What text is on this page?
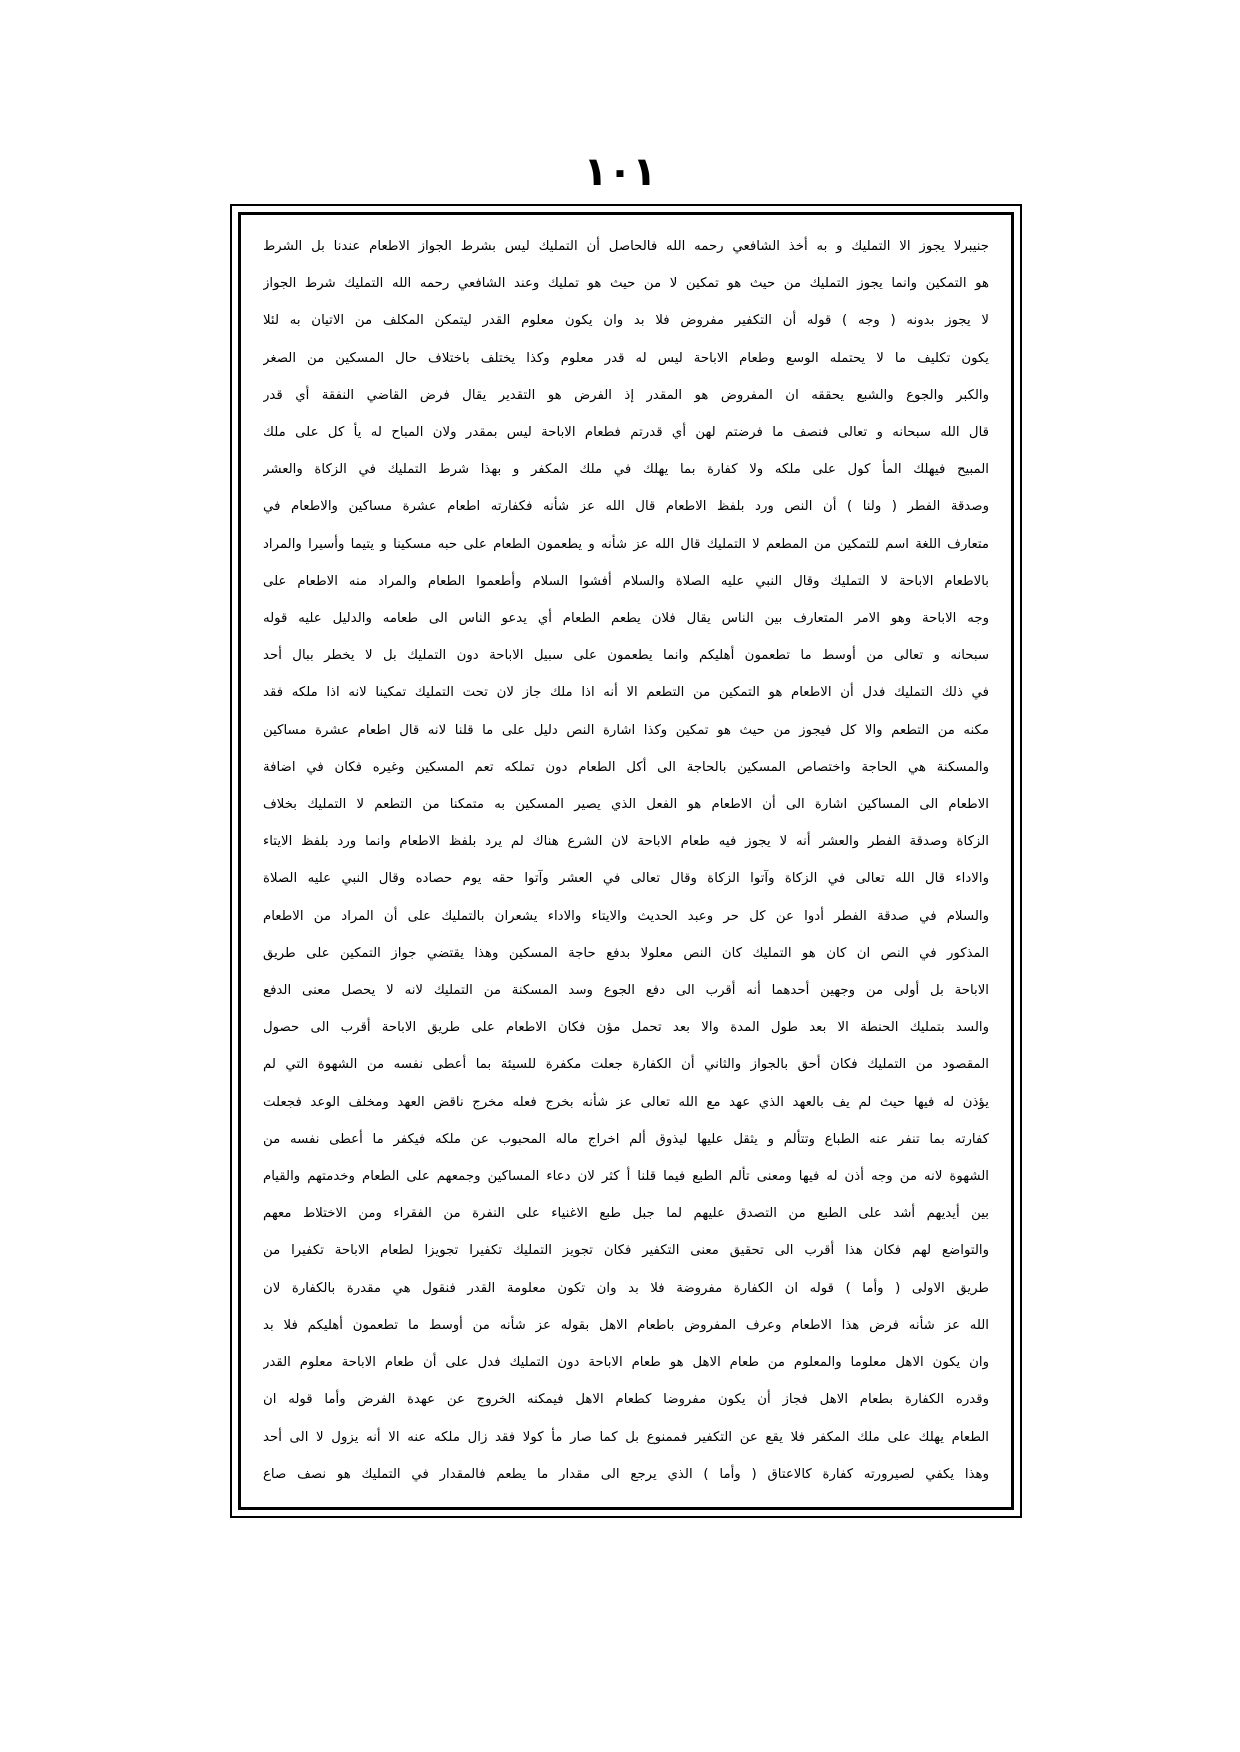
١٠١
جنيبرلا يجوز الا التمليك و به أخذ الشافعي رحمه الله فالحاصل أن التمليك ليس بشرط الجواز الاطعام عندنا بل الشرط
هو التمكين وانما يجوز التمليك من حيث هو تمكين لا من حيث هو تمليك وعند الشافعي رحمه الله التمليك شرط الجواز
لا يجوز بدونه ( وجه ) قوله أن التكفير مفروض فلا بد وان يكون معلوم القدر ليتمكن المكلف من الاتيان به لئلا
يكون تكليف ما لا يحتمله الوسع وطعام الاباحة ليس له قدر معلوم وكذا يختلف باختلاف حال المسكين من الصغر
والكبر والجوع والشبع يحققه ان المفروض هو المقدر إذ الفرض هو التقدير يقال فرض القاضي النفقة أي قدر
قال الله سبحانه و تعالى فنصف ما فرضتم لهن أي قدرتم فطعام الاباحة ليس بمقدر ولان المباح له يأ كل على ملك
المبيح فيهلك المأ كول على ملكه ولا كفارة بما يهلك في ملك المكفر و بهذا شرط التمليك في الزكاة والعشر
وصدقة الفطر ( ولنا ) أن النص ورد بلفظ الاطعام قال الله عز شأنه فكفارته اطعام عشرة مساكين والاطعام في
متعارف اللغة اسم للتمكين من المطعم لا التمليك قال الله عز شأنه و يطعمون الطعام على حبه مسكينا و يتيما وأسيرا والمراد
بالاطعام الاباحة لا التمليك وقال النبي عليه الصلاة والسلام أفشوا السلام وأطعموا الطعام والمراد منه الاطعام على
وجه الاباحة وهو الامر المتعارف بين الناس يقال فلان يطعم الطعام أي يدعو الناس الى طعامه والدليل عليه قوله
سبحانه و تعالى من أوسط ما تطعمون أهليكم وانما يطعمون على سبيل الاباحة دون التمليك بل لا يخطر ببال أحد
في ذلك التمليك فدل أن الاطعام هو التمكين من التطعم الا أنه اذا ملك جاز لان تحت التمليك تمكينا لانه اذا ملكه فقد
مكنه من التطعم والا كل فيجوز من حيث هو تمكين وكذا اشارة النص دليل على ما قلنا لانه قال اطعام عشرة مساكين
والمسكنة هي الحاجة واختصاص المسكين بالحاجة الى أكل الطعام دون تملكه تعم المسكين وغيره فكان في اضافة
الاطعام الى المساكين اشارة الى أن الاطعام هو الفعل الذي يصير المسكين به متمكنا من التطعم لا التمليك بخلاف
الزكاة وصدقة الفطر والعشر أنه لا يجوز فيه طعام الاباحة لان الشرع هناك لم يرد بلفظ الاطعام وانما ورد بلفظ الايتاء
والاداء قال الله تعالى في الزكاة وآتوا الزكاة وقال تعالى في العشر وآتوا حقه يوم حصاده وقال النبي عليه الصلاة
والسلام في صدقة الفطر أدوا عن كل حر وعبد الحديث والايتاء والاداء يشعران بالتمليك على أن المراد من الاطعام
المذكور في النص ان كان هو التمليك كان النص معلولا بدفع حاجة المسكين وهذا يقتضي جواز التمكين على طريق
الاباحة بل أولى من وجهين أحدهما أنه أقرب الى دفع الجوع وسد المسكنة من التمليك لانه لا يحصل معنى الدفع
والسد بتمليك الحنطة الا بعد طول المدة والا بعد تحمل مؤن فكان الاطعام على طريق الاباحة أقرب الى حصول
المقصود من التمليك فكان أحق بالجواز والثاني أن الكفارة جعلت مكفرة للسيئة بما أعطى نفسه من الشهوة التي لم
يؤذن له فيها حيث لم يف بالعهد الذي عهد مع الله تعالى عز شأنه بخرج فعله مخرج ناقض العهد ومخلف الوعد فجعلت
كفارته بما تنفر عنه الطباع وتتألم و يثقل عليها ليذوق ألم اخراج ماله المحبوب عن ملكه فيكفر ما أعطى نفسه من
الشهوة لانه من وجه أذن له فيها ومعنى تألم الطبع فيما قلنا أ كثر لان دعاء المساكين وجمعهم على الطعام وخدمتهم والقيام
بين أيديهم أشد على الطبع من التصدق عليهم لما جبل طبع الاغنياء على النفرة من الفقراء ومن الاختلاط معهم
والتواضع لهم فكان هذا أقرب الى تحقيق معنى التكفير فكان تجويز التمليك تكفيرا تجويزا لطعام الاباحة تكفيرا من
طريق الاولى ( وأما ) قوله ان الكفارة مفروضة فلا بد وان تكون معلومة القدر فنقول هي مقدرة بالكفارة لان
الله عز شأنه فرض هذا الاطعام وعرف المفروض باطعام الاهل بقوله عز شأنه من أوسط ما تطعمون أهليكم فلا بد
وان يكون الاهل معلوما والمعلوم من طعام الاهل هو طعام الاباحة دون التمليك فدل على أن طعام الاباحة معلوم القدر
وقدره الكفارة بطعام الاهل فجاز أن يكون مفروضا كطعام الاهل فيمكنه الخروج عن عهدة الفرض وأما قوله ان
الطعام يهلك على ملك المكفر فلا يقع عن التكفير فممنوع بل كما صار مأ كولا فقد زال ملكه عنه الا أنه يزول لا الى أحد
وهذا يكفي لصيرورته كفارة كالاعتاق ( وأما ) الذي يرجع الى مقدار ما يطعم فالمقدار في التمليك هو نصف صاع
